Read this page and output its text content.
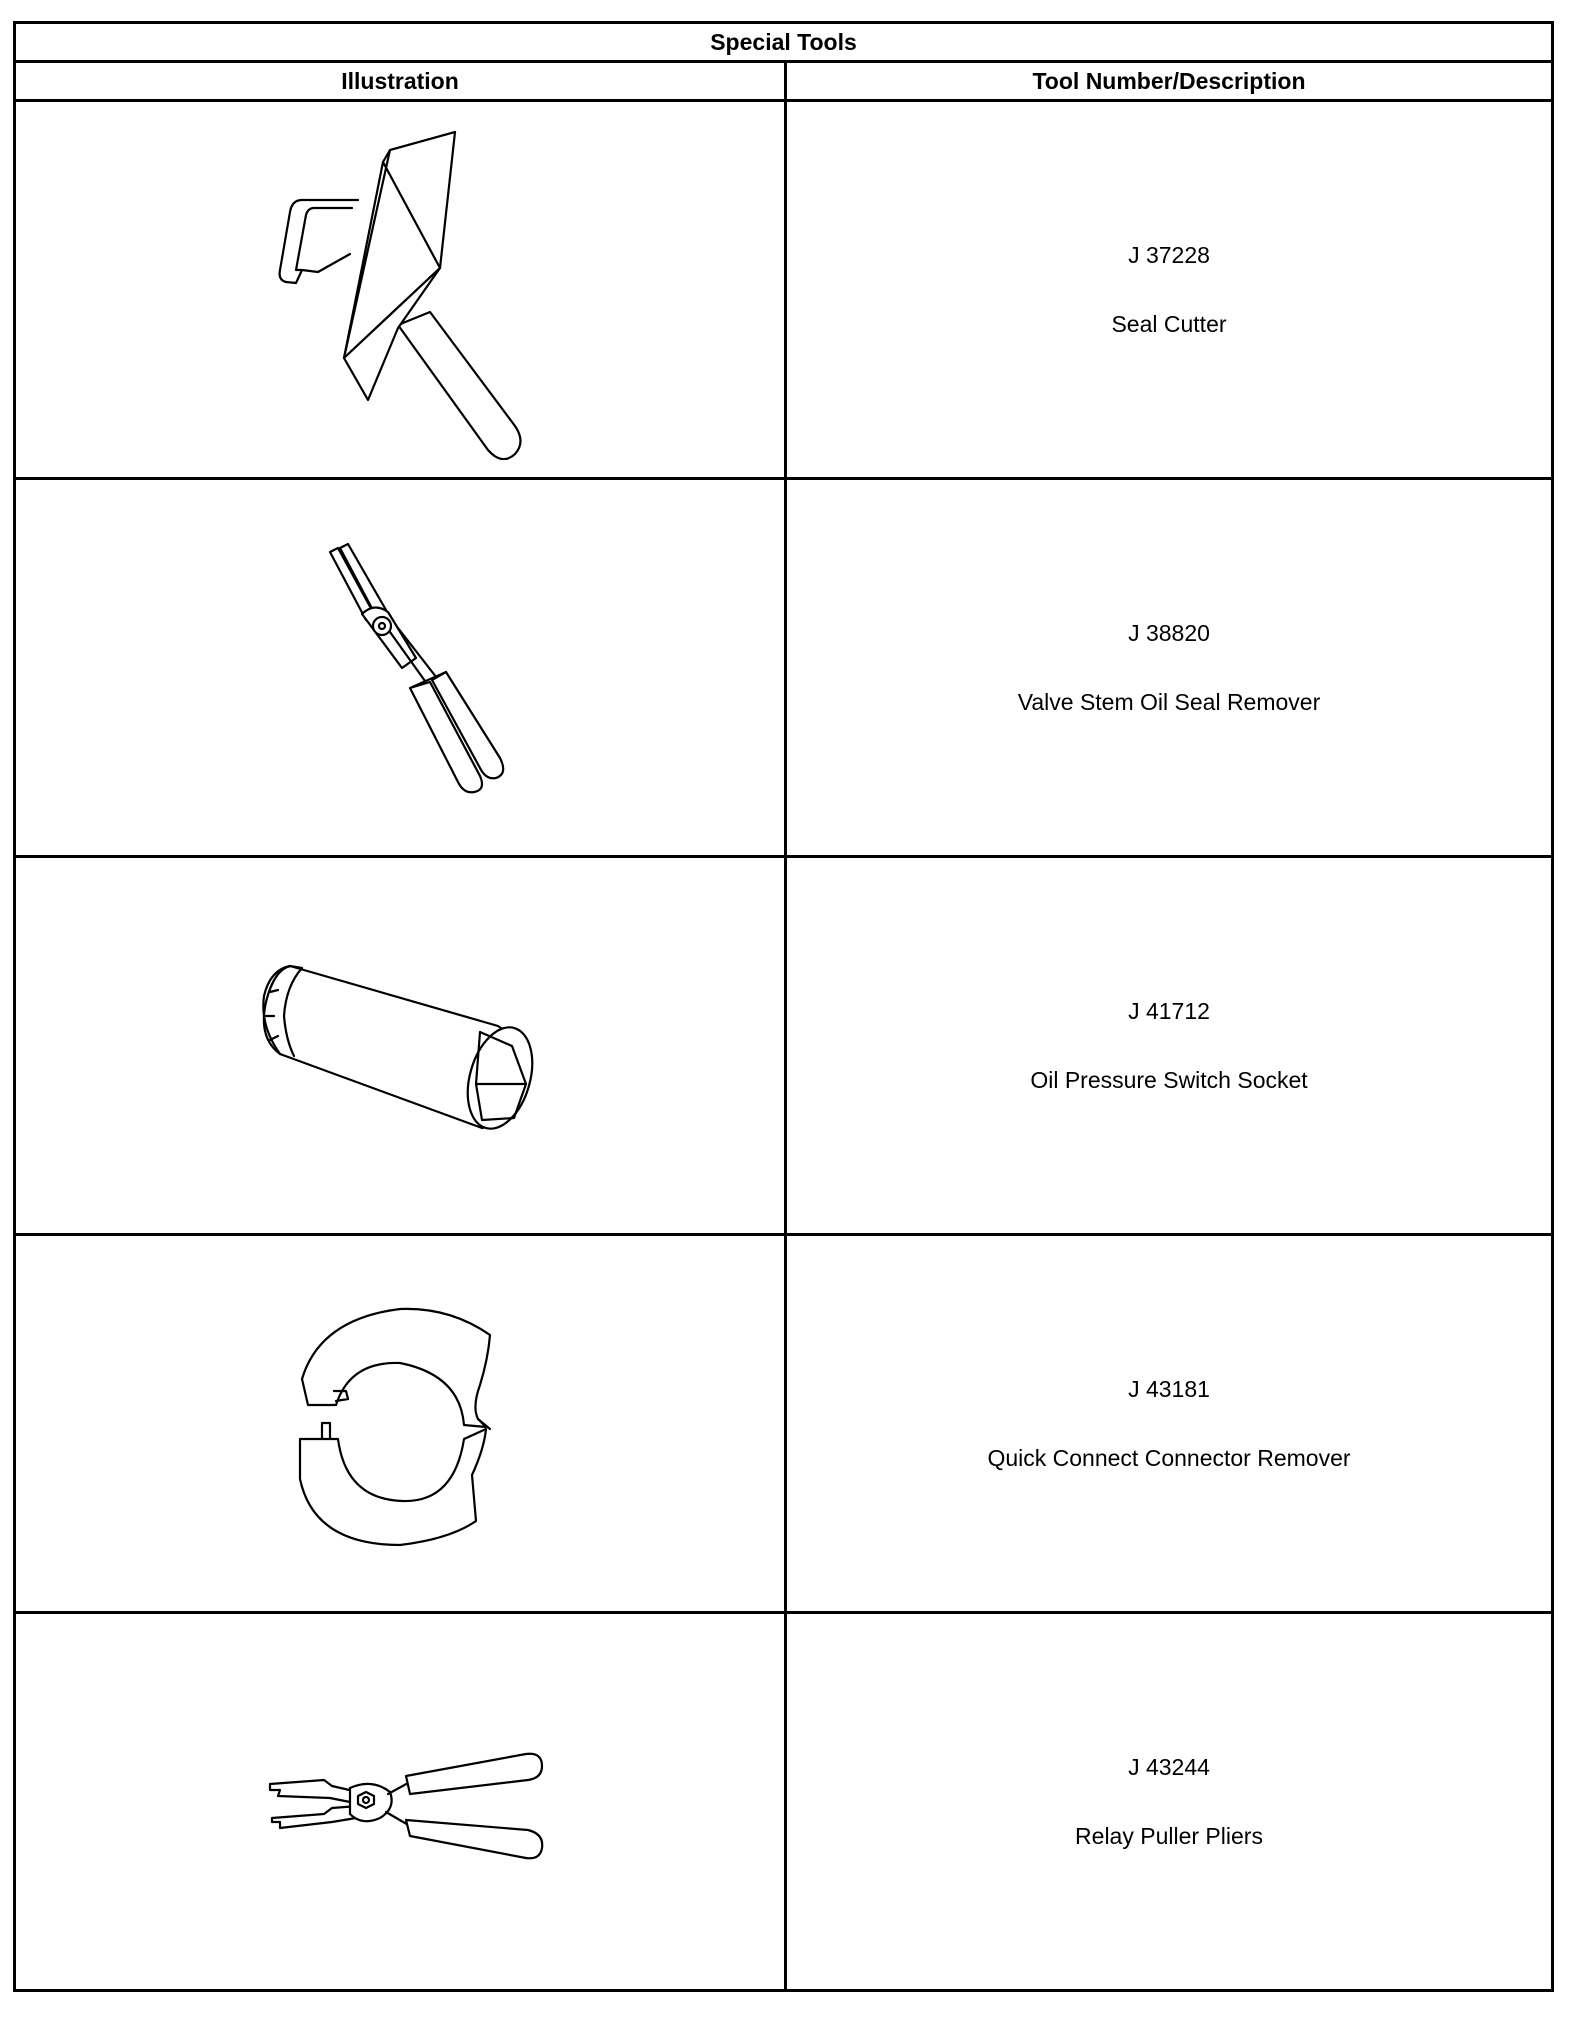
Special Tools	
Illustration	Tool Number/Description

J 37228
Seal Cutter

J 38820
Valve Stem Oil Seal Remover

J 41712
Oil Pressure Switch Socket

J 43181
Quick Connect Connector Remover

J 43244
Relay Puller Pliers
